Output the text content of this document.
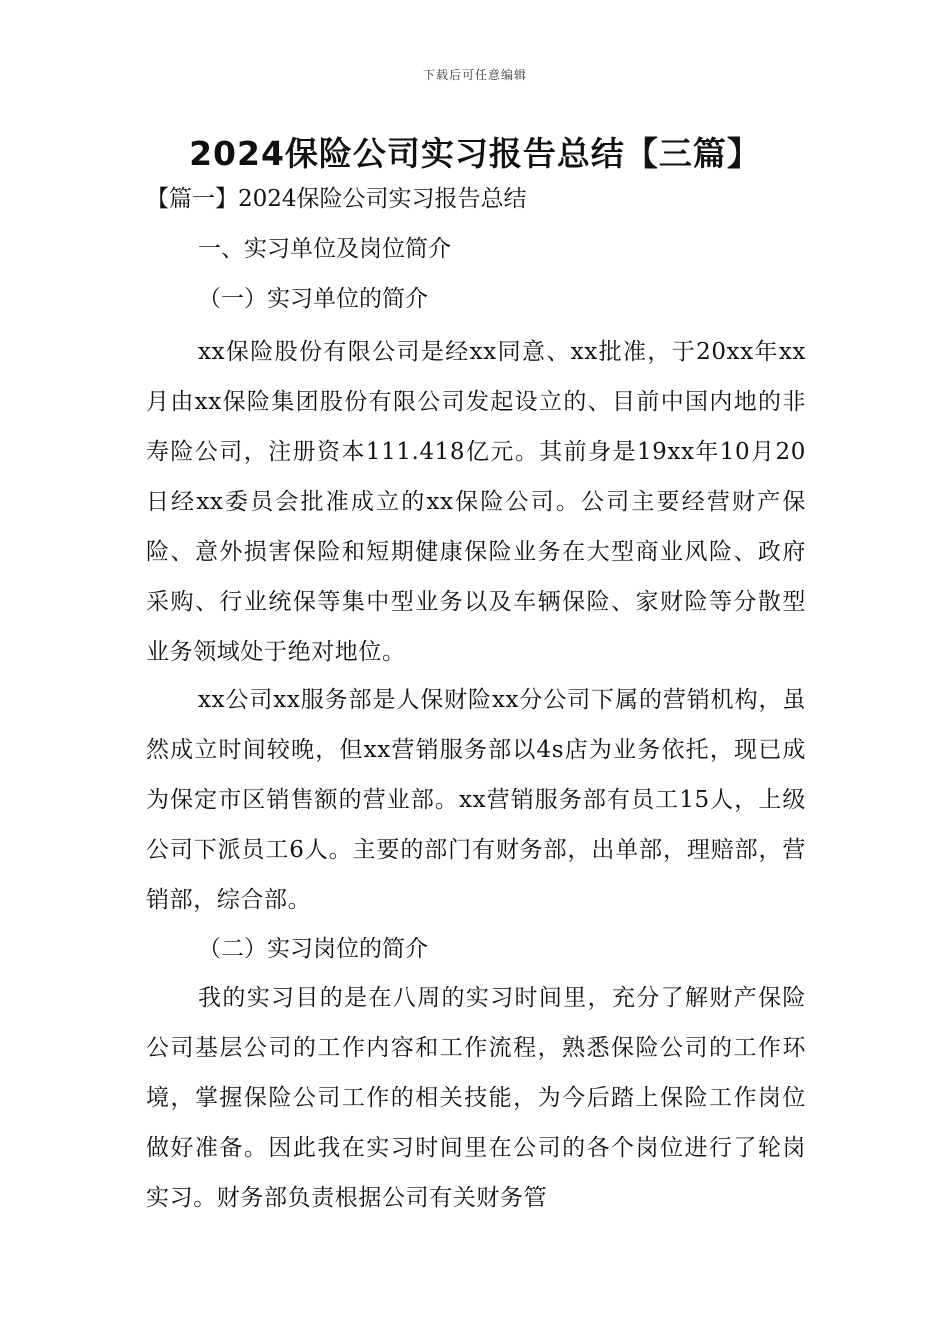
下载后可任意编辑
2024保险公司实习报告总结【三篇】
【篇一】2024保险公司实习报告总结
一、实习单位及岗位简介
（一）实习单位的简介

xx保险股份有限公司是经xx同意、xx批准，于20xx年xx月由xx保险集团股份有限公司发起设立的、目前中国内地的非寿险公司，注册资本111.418亿元。其前身是19xx年10月20日经xx委员会批准成立的xx保险公司。公司主要经营财产保险、意外损害保险和短期健康保险业务在大型商业风险、政府采购、行业统保等集中型业务以及车辆保险、家财险等分散型业务领域处于绝对地位。

xx公司xx服务部是人保财险xx分公司下属的营销机构，虽然成立时间较晚，但xx营销服务部以4s店为业务依托，现已成为保定市区销售额的营业部。xx营销服务部有员工15人，上级公司下派员工6人。主要的部门有财务部，出单部，理赔部，营销部，综合部。

（二）实习岗位的简介

我的实习目的是在八周的实习时间里，充分了解财产保险公司基层公司的工作内容和工作流程，熟悉保险公司的工作环境，掌握保险公司工作的相关技能，为今后踏上保险工作岗位做好准备。因此我在实习时间里在公司的各个岗位进行了轮岗实习。财务部负责根据公司有关财务管
